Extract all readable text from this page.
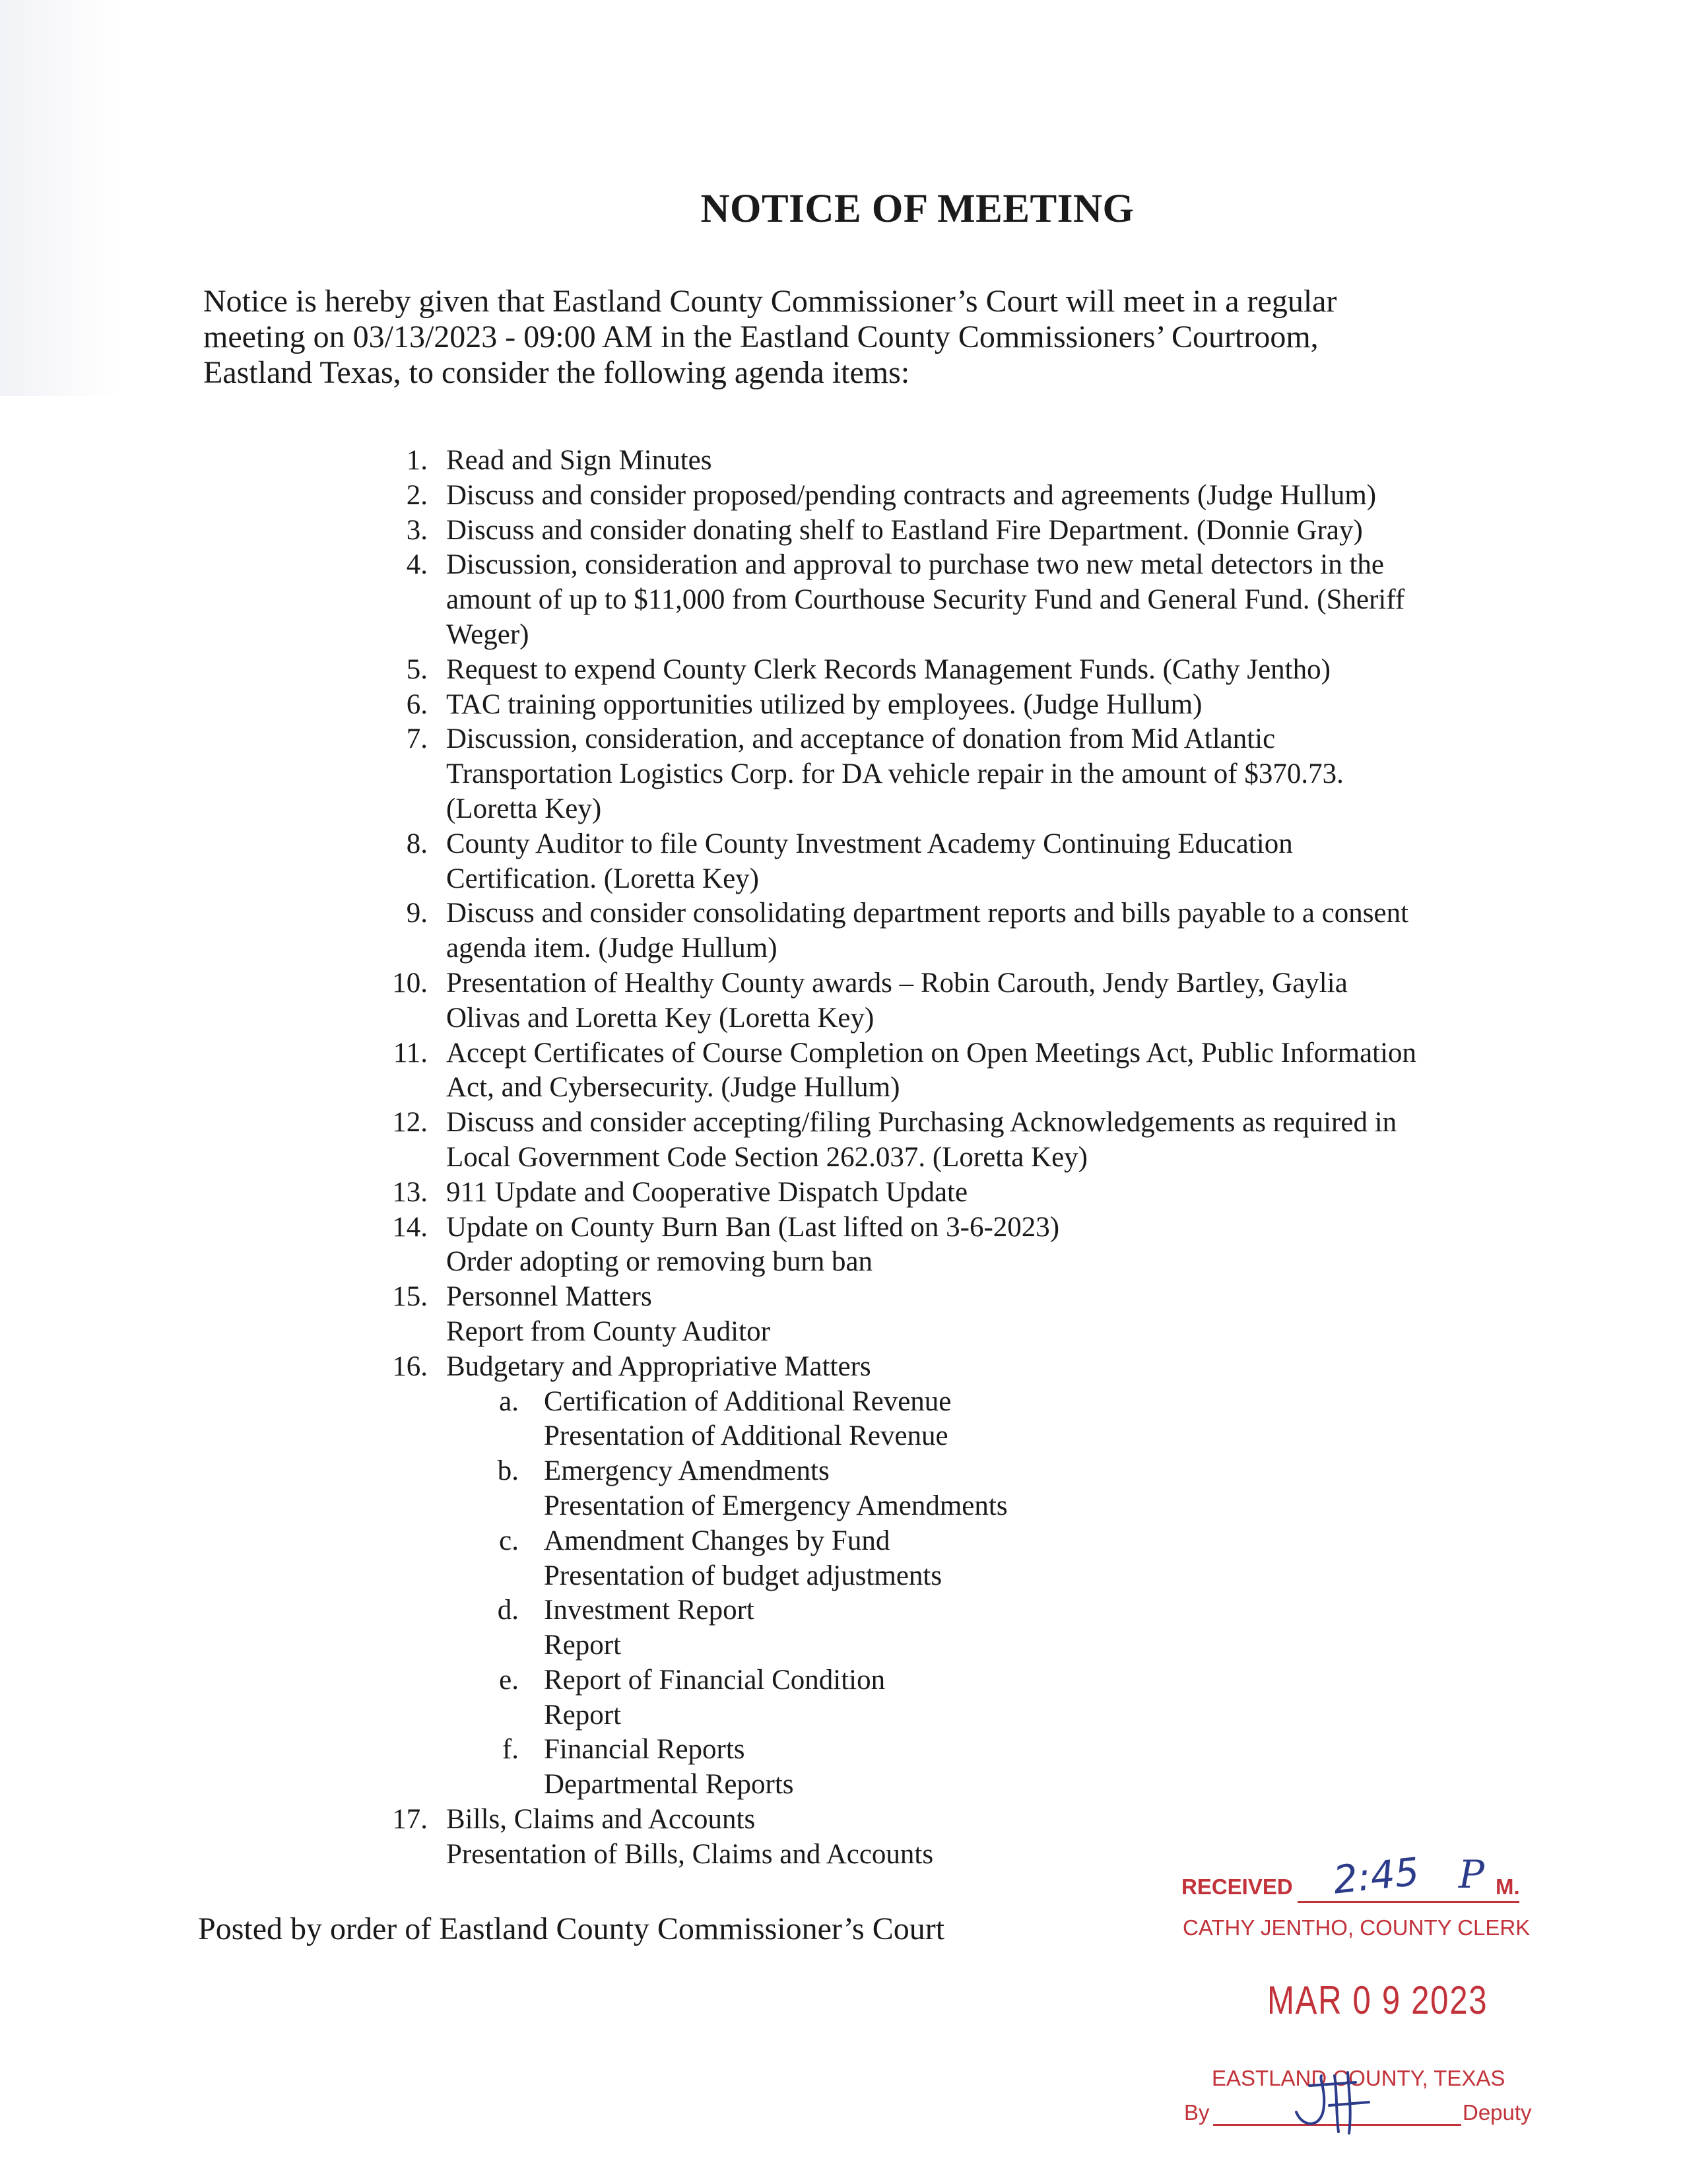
NOTICE OF MEETING
Notice is hereby given that Eastland County Commissioner’s Court will meet in a regular
meeting on 03/13/2023 - 09:00 AM in the Eastland County Commissioners’ Courtroom,
Eastland Texas, to consider the following agenda items:
1. Read and Sign Minutes
2. Discuss and consider proposed/pending contracts and agreements (Judge Hullum)
3. Discuss and consider donating shelf to Eastland Fire Department. (Donnie Gray)
4. Discussion, consideration and approval to purchase two new metal detectors in the
amount of up to $11,000 from Courthouse Security Fund and General Fund. (Sheriff
Weger)
5. Request to expend County Clerk Records Management Funds. (Cathy Jentho)
6. TAC training opportunities utilized by employees. (Judge Hullum)
7. Discussion, consideration, and acceptance of donation from Mid Atlantic
Transportation Logistics Corp. for DA vehicle repair in the amount of $370.73.
(Loretta Key)
8. County Auditor to file County Investment Academy Continuing Education
Certification. (Loretta Key)
9. Discuss and consider consolidating department reports and bills payable to a consent
agenda item. (Judge Hullum)
10. Presentation of Healthy County awards – Robin Carouth, Jendy Bartley, Gaylia
Olivas and Loretta Key (Loretta Key)
11. Accept Certificates of Course Completion on Open Meetings Act, Public Information
Act, and Cybersecurity. (Judge Hullum)
12. Discuss and consider accepting/filing Purchasing Acknowledgements as required in
Local Government Code Section 262.037. (Loretta Key)
13. 911 Update and Cooperative Dispatch Update
14. Update on County Burn Ban (Last lifted on 3-6-2023)
Order adopting or removing burn ban
15. Personnel Matters
Report from County Auditor
16. Budgetary and Appropriative Matters
a. Certification of Additional Revenue
Presentation of Additional Revenue
b. Emergency Amendments
Presentation of Emergency Amendments
c. Amendment Changes by Fund
Presentation of budget adjustments
d. Investment Report
Report
e. Report of Financial Condition
Report
f. Financial Reports
Departmental Reports
17. Bills, Claims and Accounts
Presentation of Bills, Claims and Accounts
Posted by order of Eastland County Commissioner’s Court
RECEIVED 2:45 P M.
CATHY JENTHO, COUNTY CLERK
MAR 0 9 2023
EASTLAND COUNTY, TEXAS
By	Deputy
